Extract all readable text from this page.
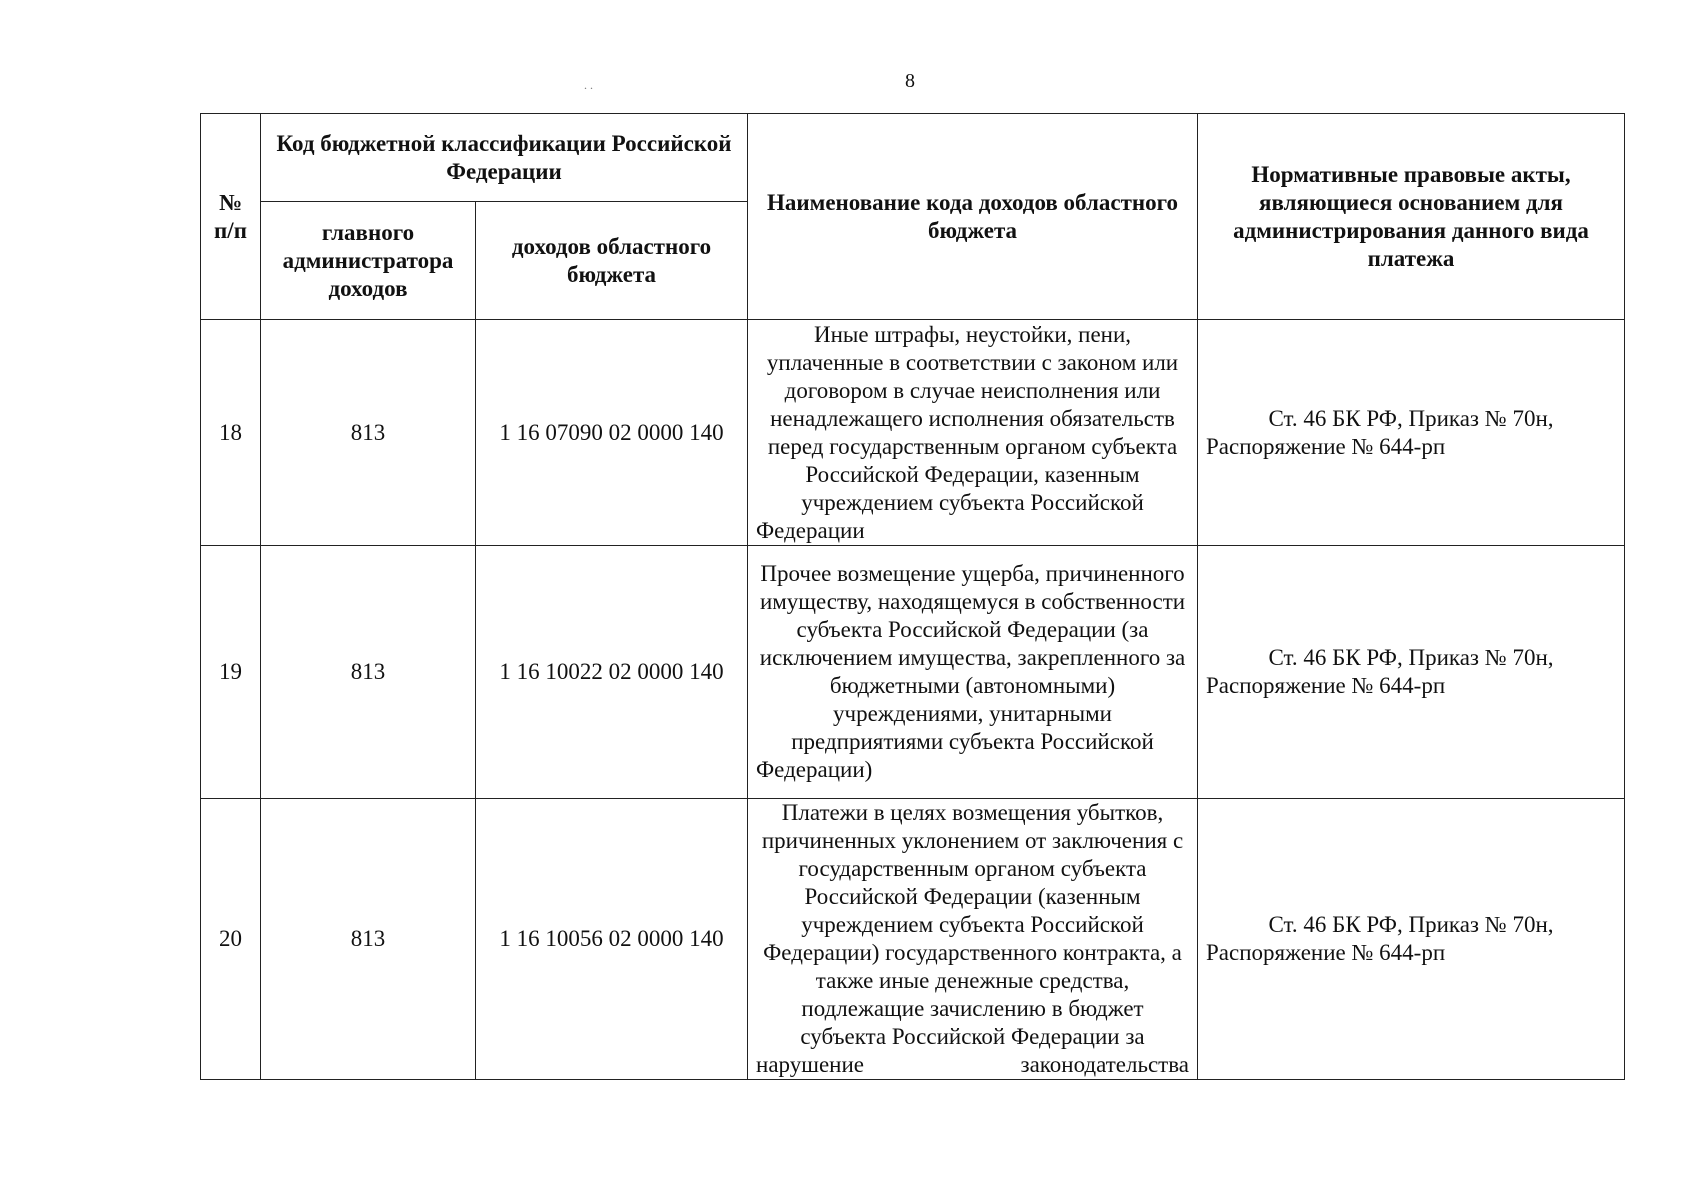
8
. .
№ п/п	Код бюджетной классификации Российской Федерации		Наименование кода доходов областного бюджета	Нормативные правовые акты, являющиеся основанием для администрирования данного вида платежа
	главного администратора доходов	доходов областного бюджета		
18	813	1 16 07090 02 0000 140	Иные штрафы, неустойки, пени, уплаченные в соответствии с законом или договором в случае неисполнения или ненадлежащего исполнения обязательств перед государственным органом субъекта Российской Федерации, казенным учреждением субъекта Российской Федерации	Ст. 46 БК РФ, Приказ № 70н, Распоряжение № 644-рп
19	813	1 16 10022 02 0000 140	Прочее возмещение ущерба, причиненного имуществу, находящемуся в собственности субъекта Российской Федерации (за исключением имущества, закрепленного за бюджетными (автономными) учреждениями, унитарными предприятиями субъекта Российской Федерации)	Ст. 46 БК РФ, Приказ № 70н, Распоряжение № 644-рп
20	813	1 16 10056 02 0000 140	Платежи в целях возмещения убытков, причиненных уклонением от заключения с государственным органом субъекта Российской Федерации (казенным учреждением субъекта Российской Федерации) государственного контракта, а также иные денежные средства, подлежащие зачислению в бюджет субъекта Российской Федерации за нарушение законодательства	Ст. 46 БК РФ, Приказ № 70н, Распоряжение № 644-рп
